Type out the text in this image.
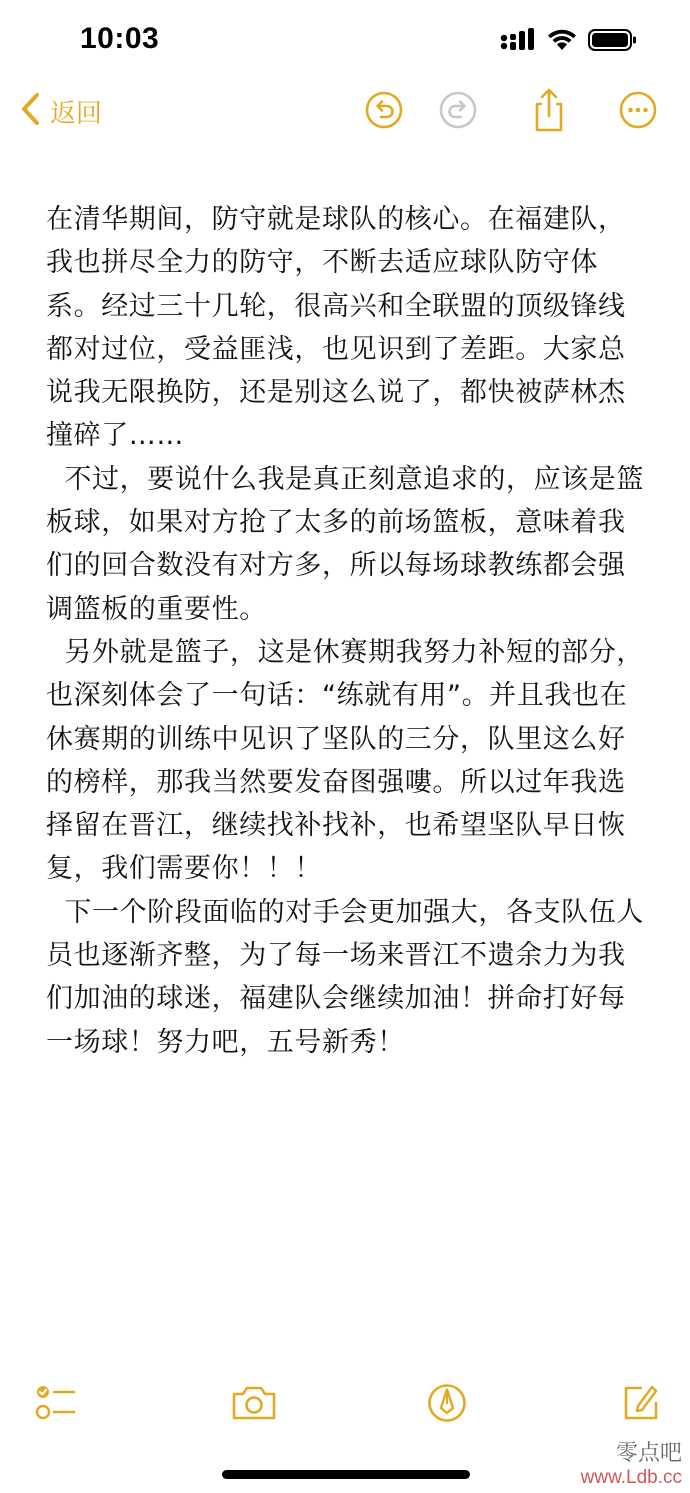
10:03
返回

在清华期间，防守就是球队的核心。在福建队，我也拼尽全力的防守，不断去适应球队防守体系。经过三十几轮，很高兴和全联盟的顶级锋线都对过位，受益匪浅，也见识到了差距。大家总说我无限换防，还是别这么说了，都快被萨林杰撞碎了……

不过，要说什么我是真正刻意追求的，应该是篮板球，如果对方抢了太多的前场篮板，意味着我们的回合数没有对方多，所以每场球教练都会强调篮板的重要性。

另外就是篮子，这是休赛期我努力补短的部分，也深刻体会了一句话：“练就有用”。并且我也在休赛期的训练中见识了坚队的三分，队里这么好的榜样，那我当然要发奋图强嘍。所以过年我选择留在晋江，继续找补找补，也希望坚队早日恢复，我们需要你！！！

下一个阶段面临的对手会更加强大，各支队伍人员也逐渐齐整，为了每一场来晋江不遗余力为我们加油的球迷，福建队会继续加油！拼命打好每一场球！努力吧，五号新秀！

零点吧
www.Ldb.cc
